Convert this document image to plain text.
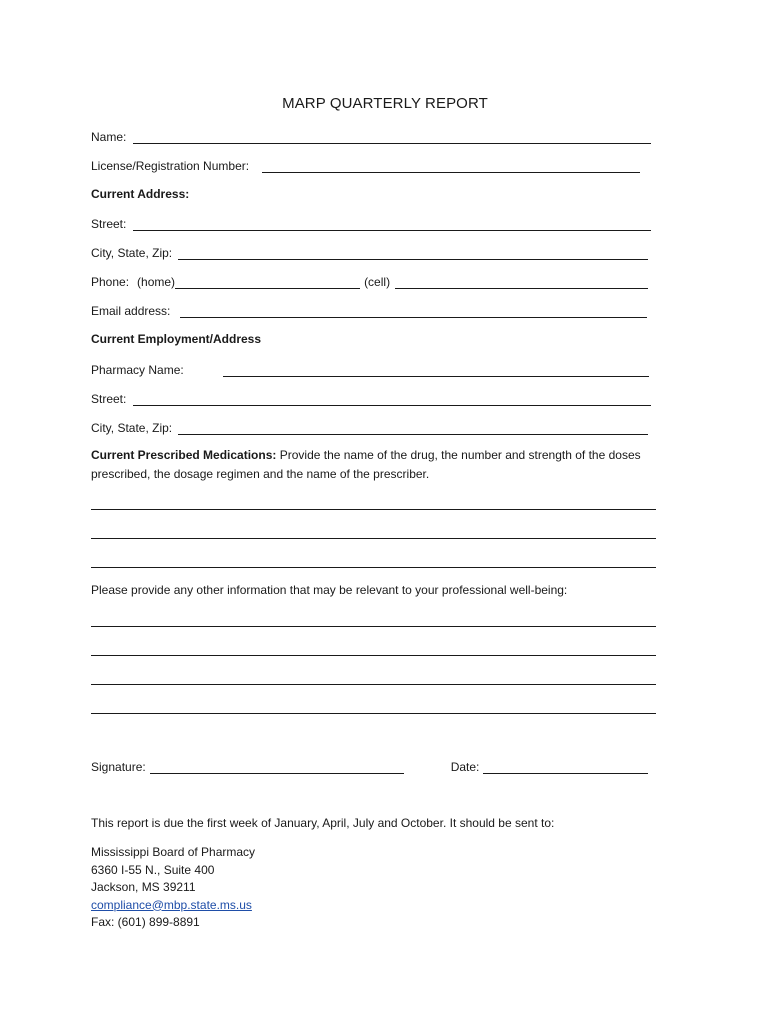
MARP QUARTERLY REPORT
Name:
License/Registration Number:
Current Address:
Street:
City, State, Zip:
Phone: (home)	(cell)
Email address:
Current Employment/Address
Pharmacy Name:
Street:
City, State, Zip:
Current Prescribed Medications: Provide the name of the drug, the number and strength of the doses prescribed, the dosage regimen and the name of the prescriber.
Please provide any other information that may be relevant to your professional well-being:
Signature:	Date:
This report is due the first week of January, April, July and October. It should be sent to:
Mississippi Board of Pharmacy
6360 I-55 N., Suite 400
Jackson, MS 39211
compliance@mbp.state.ms.us
Fax: (601) 899-8891
